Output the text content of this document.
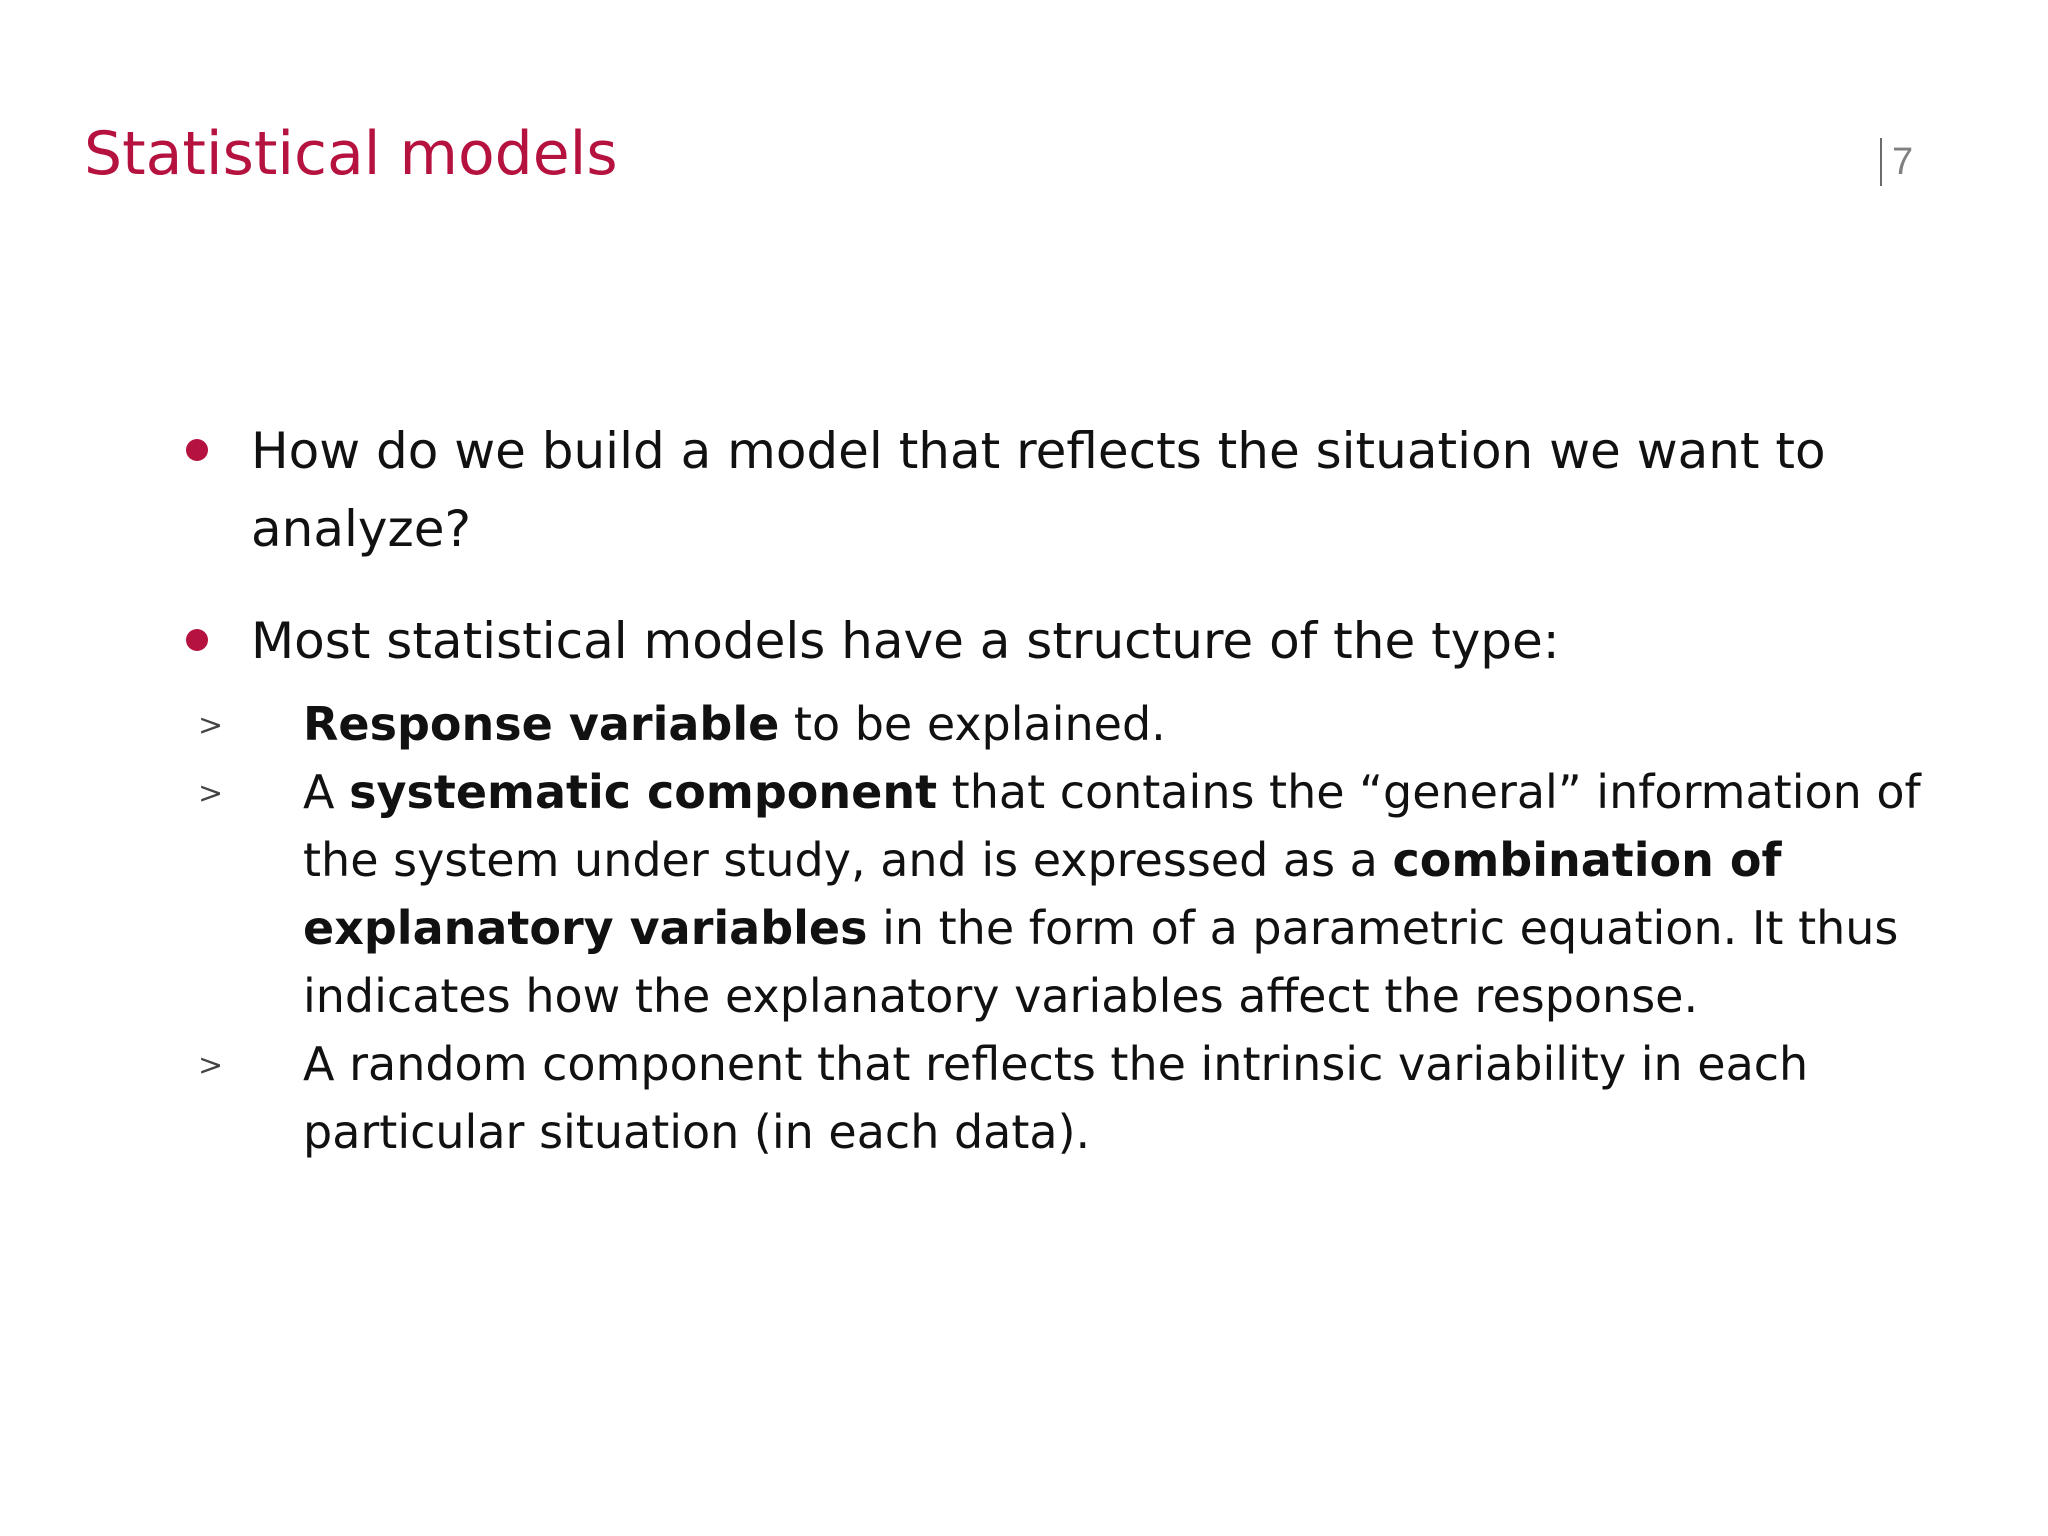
Statistical models	7
How do we build a model that reflects the situation we want to analyze?
Most statistical models have a structure of the type:
> Response variable to be explained.
> A systematic component that contains the “general” information of the system under study, and is expressed as a combination of explanatory variables in the form of a parametric equation. It thus indicates how the explanatory variables affect the response.
> A random component that reflects the intrinsic variability in each particular situation (in each data).
